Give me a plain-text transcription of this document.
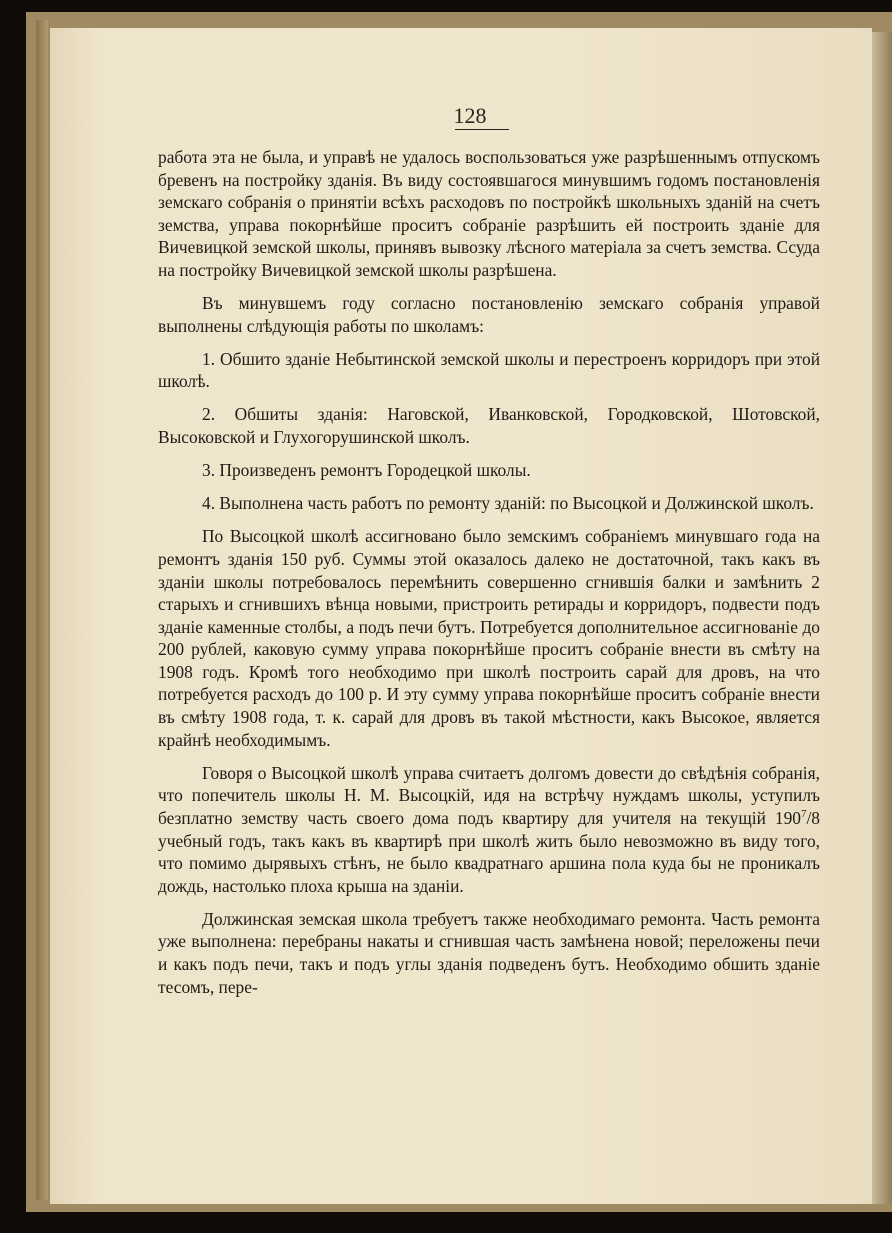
128

работа эта не была, и управѣ не удалось воспользоваться уже разрѣшеннымъ отпускомъ бревенъ на постройку зданія. Въ виду состоявшагося минувшимъ годомъ постановленія земскаго собранія о принятіи всѣхъ расходовъ по постройкѣ школьныхъ зданій на счетъ земства, управа покорнѣйше проситъ собраніе разрѣшить ей построить зданіе для Вичевицкой земской школы, принявъ вывозку лѣсного матеріала за счетъ земства. Ссуда на постройку Вичевицкой земской школы разрѣшена.

Въ минувшемъ году согласно постановленію земскаго собранія управой выполнены слѣдующія работы по школамъ:

1. Обшито зданіе Небытинской земской школы и перестроенъ корридоръ при этой школѣ.

2. Обшиты зданія: Наговской, Иванковской, Городковской, Шотовской, Высоковской и Глухогорушинской школъ.

3. Произведенъ ремонтъ Городецкой школы.

4. Выполнена часть работъ по ремонту зданій: по Высоцкой и Должинской школъ.

По Высоцкой школѣ ассигновано было земскимъ собраніемъ минувшаго года на ремонтъ зданія 150 руб. Суммы этой оказалось далеко не достаточной, такъ какъ въ зданіи школы потребовалось перемѣнить совершенно сгнившія балки и замѣнить 2 старыхъ и сгнившихъ вѣнца новыми, пристроить ретирады и корридоръ, подвести подъ зданіе каменные столбы, а подъ печи бутъ. Потребуется дополнительное ассигнованіе до 200 рублей, каковую сумму управа покорнѣйше проситъ собраніе внести въ смѣту на 1908 годъ. Кромѣ того необходимо при школѣ построить сарай для дровъ, на что потребуется расходъ до 100 р. И эту сумму управа покорнѣйше проситъ собраніе внести въ смѣту 1908 года, т. к. сарай для дровъ въ такой мѣстности, какъ Высокое, является крайнѣ необходимымъ.

Говоря о Высоцкой школѣ управа считаетъ долгомъ довести до свѣдѣнія собранія, что попечитель школы Н. М. Высоцкій, идя на встрѣчу нуждамъ школы, уступилъ безплатно земству часть своего дома подъ квартиру для учителя на текущій $190^7/8$ учебный годъ, такъ какъ въ квартирѣ при школѣ жить было невозможно въ виду того, что помимо дырявыхъ стѣнъ, не было квадратнаго аршина пола куда бы не проникалъ дождь, настолько плоха крыша на зданіи.

Должинская земская школа требуетъ также необходимаго ремонта. Часть ремонта уже выполнена: перебраны накаты и сгнившая часть замѣнена новой; переложены печи и какъ подъ печи, такъ и подъ углы зданія подведенъ бутъ. Необходимо обшить зданіе тесомъ, пере-
